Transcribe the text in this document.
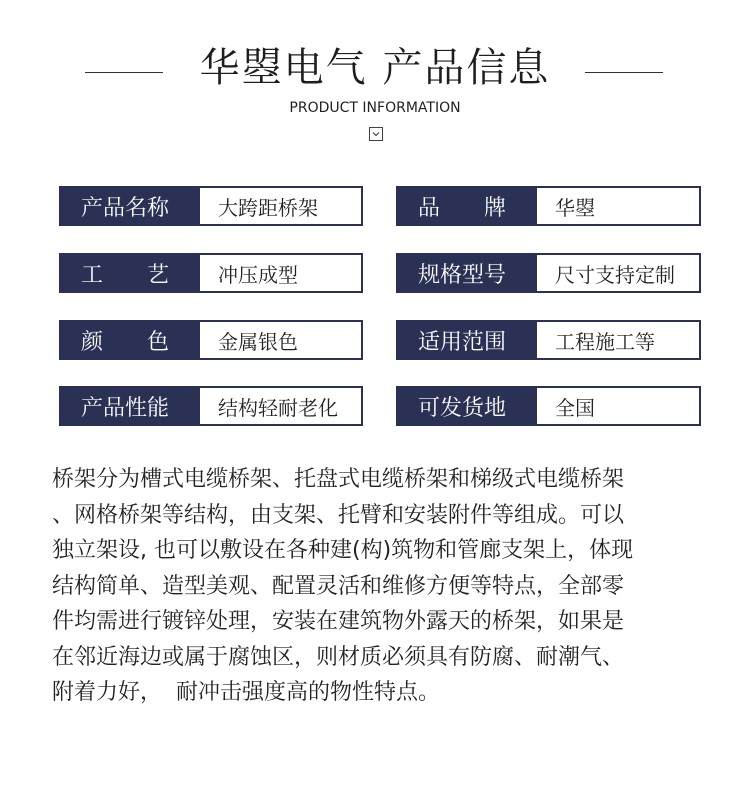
华曌电气 产品信息
PRODUCT INFORMATION
产品名称	大跨距桥架	品　　牌	华曌
工　　艺	冲压成型	规格型号	尺寸支持定制
颜　　色	金属银色	适用范围	工程施工等
产品性能	结构轻耐老化	可发货地	全国
桥架分为槽式电缆桥架、托盘式电缆桥架和梯级式电缆桥架
、网格桥架等结构，由支架、托臂和安装附件等组成。可以
独立架设, 也可以敷设在各种建(构)筑物和管廊支架上，体现
结构简单、造型美观、配置灵活和维修方便等特点，全部零
件均需进行镀锌处理，安装在建筑物外露天的桥架，如果是
在邻近海边或属于腐蚀区，则材质必须具有防腐、耐潮气、
附着力好，  耐冲击强度高的物性特点。
